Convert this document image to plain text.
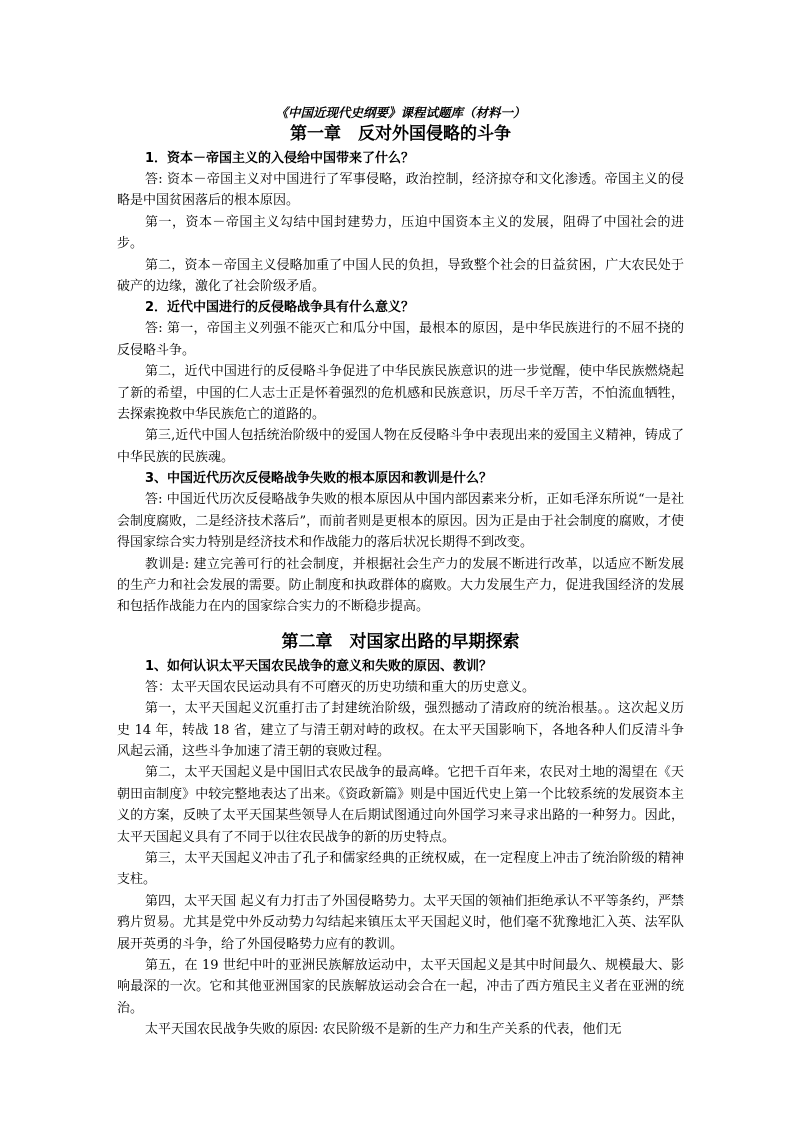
《中国近现代史纲要》课程试题库（材料一）

第一章　反对外国侵略的斗争

1．资本－帝国主义的入侵给中国带来了什么？

答: 资本－帝国主义对中国进行了军事侵略，政治控制，经济掠夺和文化渗透。帝国主义的侵略是中国贫困落后的根本原因。

第一，资本－帝国主义勾结中国封建势力，压迫中国资本主义的发展，阻碍了中国社会的进步。

第二，资本－帝国主义侵略加重了中国人民的负担，导致整个社会的日益贫困，广大农民处于破产的边缘，激化了社会阶级矛盾。

2．近代中国进行的反侵略战争具有什么意义？

答: 第一，帝国主义列强不能灭亡和瓜分中国，最根本的原因，是中华民族进行的不屈不挠的反侵略斗争。

第二，近代中国进行的反侵略斗争促进了中华民族民族意识的进一步觉醒，使中华民族燃烧起了新的希望，中国的仁人志士正是怀着强烈的危机感和民族意识，历尽千辛万苦，不怕流血牺牲，去探索挽救中华民族危亡的道路的。

第三,近代中国人包括统治阶级中的爱国人物在反侵略斗争中表现出来的爱国主义精神，铸成了中华民族的民族魂。

3、中国近代历次反侵略战争失败的根本原因和教训是什么？

答: 中国近代历次反侵略战争失败的根本原因从中国内部因素来分析，正如毛泽东所说“一是社会制度腐败，二是经济技术落后”，而前者则是更根本的原因。因为正是由于社会制度的腐败，才使得国家综合实力特别是经济技术和作战能力的落后状况长期得不到改变。

教训是: 建立完善可行的社会制度，并根据社会生产力的发展不断进行改革，以适应不断发展的生产力和社会发展的需要。防止制度和执政群体的腐败。大力发展生产力，促进我国经济的发展和包括作战能力在内的国家综合实力的不断稳步提高。

第二章　对国家出路的早期探索

1、如何认识太平天国农民战争的意义和失败的原因、教训？

答：太平天国农民运动具有不可磨灭的历史功绩和重大的历史意义。

第一，太平天国起义沉重打击了封建统治阶级，强烈撼动了清政府的统治根基。。这次起义历史 14 年，转战 18 省，建立了与清王朝对峙的政权。在太平天国影响下，各地各种人们反清斗争风起云涌，这些斗争加速了清王朝的衰败过程。

第二，太平天国起义是中国旧式农民战争的最高峰。它把千百年来，农民对土地的渴望在《天朝田亩制度》中较完整地表达了出来。《资政新篇》则是中国近代史上第一个比较系统的发展资本主义的方案，反映了太平天国某些领导人在后期试图通过向外国学习来寻求出路的一种努力。因此，太平天国起义具有了不同于以往农民战争的新的历史特点。

第三，太平天国起义冲击了孔子和儒家经典的正统权威，在一定程度上冲击了统治阶级的精神支柱。

第四，太平天国 起义有力打击了外国侵略势力。太平天国的领袖们拒绝承认不平等条约，严禁鸦片贸易。尤其是党中外反动势力勾结起来镇压太平天国起义时，他们毫不犹豫地汇入英、法军队展开英勇的斗争，给了外国侵略势力应有的教训。

第五，在 19 世纪中叶的亚洲民族解放运动中，太平天国起义是其中时间最久、规模最大、影响最深的一次。它和其他亚洲国家的民族解放运动会合在一起，冲击了西方殖民主义者在亚洲的统治。

太平天国农民战争失败的原因: 农民阶级不是新的生产力和生产关系的代表，他们无
